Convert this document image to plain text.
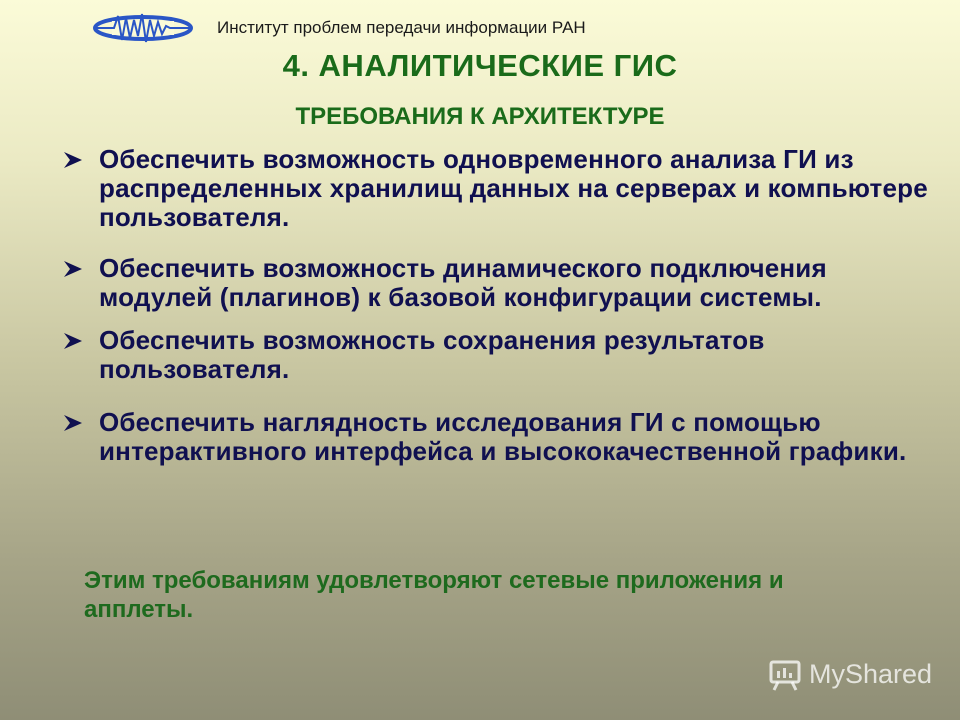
Институт проблем передачи информации РАН
4. АНАЛИТИЧЕСКИЕ ГИС
ТРЕБОВАНИЯ К АРХИТЕКТУРЕ
Обеспечить возможность одновременного анализа ГИ из распределенных хранилищ данных на серверах и компьютере пользователя.
Обеспечить возможность динамического подключения модулей (плагинов) к базовой конфигурации системы.
Обеспечить возможность сохранения результатов пользователя.
Обеспечить наглядность исследования ГИ с помощью интерактивного интерфейса и высококачественной графики.
Этим требованиям удовлетворяют сетевые приложения и апплеты.
MyShared
